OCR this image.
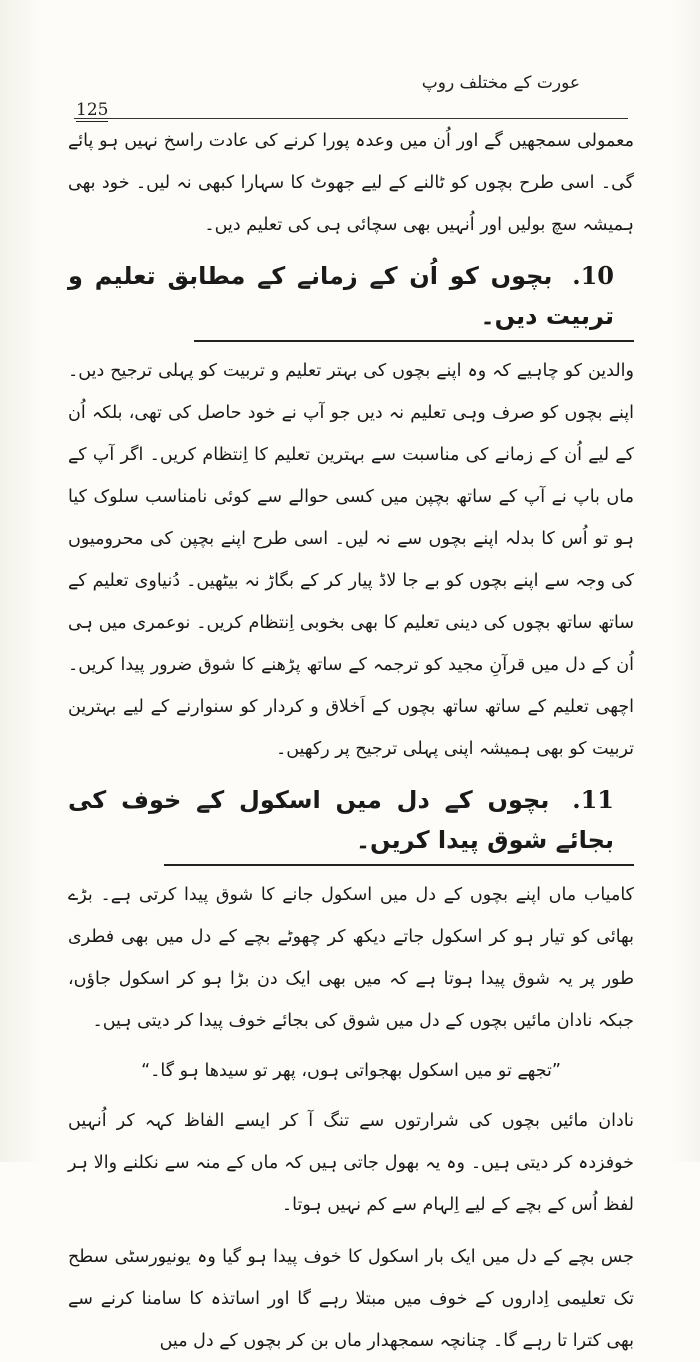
عورت کے مختلف روپ
125

معمولی سمجھیں گے اور اُن میں وعدہ پورا کرنے کی عادت راسخ نہیں ہو پائے گی۔ اسی طرح بچوں کو ٹالنے کے لیے جھوٹ کا سہارا کبھی نہ لیں۔ خود بھی ہمیشہ سچ بولیں اور اُنہیں بھی سچائی ہی کی تعلیم دیں۔

10. بچوں کو اُن کے زمانے کے مطابق تعلیم و تربیت دیں۔

والدین کو چاہیے کہ وہ اپنے بچوں کی بہتر تعلیم و تربیت کو پہلی ترجیح دیں۔ اپنے بچوں کو صرف وہی تعلیم نہ دیں جو آپ نے خود حاصل کی تھی، بلکہ اُن کے لیے اُن کے زمانے کی مناسبت سے بہترین تعلیم کا اِنتظام کریں۔ اگر آپ کے ماں باپ نے آپ کے ساتھ بچپن میں کسی حوالے سے کوئی نامناسب سلوک کیا ہو تو اُس کا بدلہ اپنے بچوں سے نہ لیں۔ اسی طرح اپنے بچپن کی محرومیوں کی وجہ سے اپنے بچوں کو بے جا لاڈ پیار کر کے بگاڑ نہ بیٹھیں۔ دُنیاوی تعلیم کے ساتھ ساتھ بچوں کی دینی تعلیم کا بھی بخوبی اِنتظام کریں۔ نوعمری میں ہی اُن کے دل میں قرآنِ مجید کو ترجمہ کے ساتھ پڑھنے کا شوق ضرور پیدا کریں۔ اچھی تعلیم کے ساتھ ساتھ بچوں کے اَخلاق و کردار کو سنوارنے کے لیے بہترین تربیت کو بھی ہمیشہ اپنی پہلی ترجیح پر رکھیں۔

11. بچوں کے دل میں اسکول کے خوف کی بجائے شوق پیدا کریں۔

کامیاب ماں اپنے بچوں کے دل میں اسکول جانے کا شوق پیدا کرتی ہے۔ بڑے بھائی کو تیار ہو کر اسکول جاتے دیکھ کر چھوٹے بچے کے دل میں بھی فطری طور پر یہ شوق پیدا ہوتا ہے کہ میں بھی ایک دن بڑا ہو کر اسکول جاؤں، جبکہ نادان مائیں بچوں کے دل میں شوق کی بجائے خوف پیدا کر دیتی ہیں۔

”تجھے تو میں اسکول بھجواتی ہوں، پھر تو سیدھا ہو گا۔“

نادان مائیں بچوں کی شرارتوں سے تنگ آ کر ایسے الفاظ کہہ کر اُنہیں خوفزدہ کر دیتی ہیں۔ وہ یہ بھول جاتی ہیں کہ ماں کے منہ سے نکلنے والا ہر لفظ اُس کے بچے کے لیے اِلہام سے کم نہیں ہوتا۔

جس بچے کے دل میں ایک بار اسکول کا خوف پیدا ہو گیا وہ یونیورسٹی سطح تک تعلیمی اِداروں کے خوف میں مبتلا رہے گا اور اساتذہ کا سامنا کرنے سے بھی کترا تا رہے گا۔ چنانچہ سمجھدار ماں بن کر بچوں کے دل میں
